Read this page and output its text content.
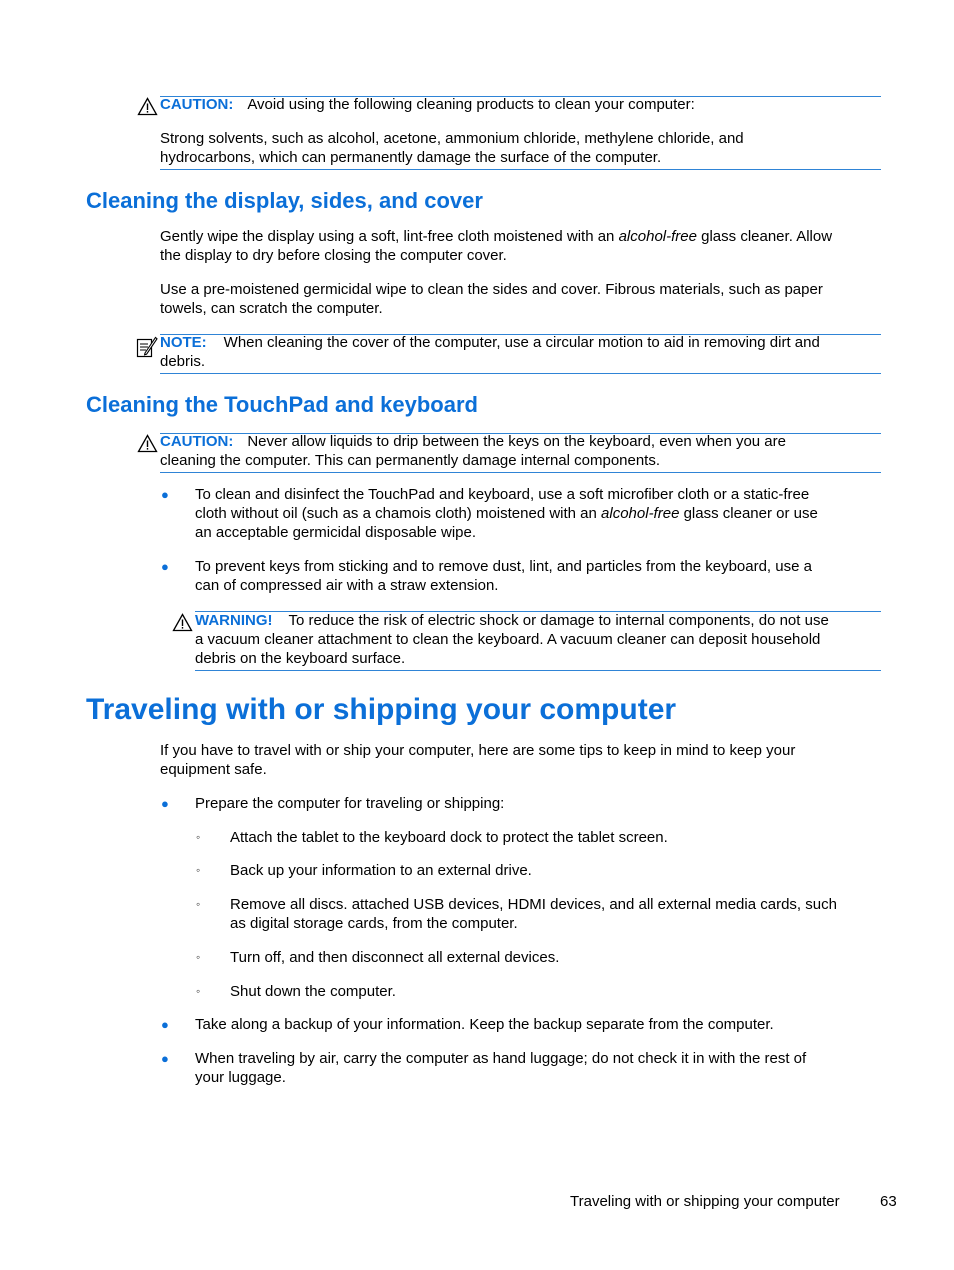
CAUTION: Avoid using the following cleaning products to clean your computer:
Strong solvents, such as alcohol, acetone, ammonium chloride, methylene chloride, and
hydrocarbons, which can permanently damage the surface of the computer.
Cleaning the display, sides, and cover
Gently wipe the display using a soft, lint-free cloth moistened with an alcohol-free glass cleaner. Allow
the display to dry before closing the computer cover.
Use a pre-moistened germicidal wipe to clean the sides and cover. Fibrous materials, such as paper
towels, can scratch the computer.
NOTE: When cleaning the cover of the computer, use a circular motion to aid in removing dirt and
debris.
Cleaning the TouchPad and keyboard
CAUTION: Never allow liquids to drip between the keys on the keyboard, even when you are
cleaning the computer. This can permanently damage internal components.
● To clean and disinfect the TouchPad and keyboard, use a soft microfiber cloth or a static-free
cloth without oil (such as a chamois cloth) moistened with an alcohol-free glass cleaner or use
an acceptable germicidal disposable wipe.
● To prevent keys from sticking and to remove dust, lint, and particles from the keyboard, use a
can of compressed air with a straw extension.
WARNING! To reduce the risk of electric shock or damage to internal components, do not use
a vacuum cleaner attachment to clean the keyboard. A vacuum cleaner can deposit household
debris on the keyboard surface.
Traveling with or shipping your computer
If you have to travel with or ship your computer, here are some tips to keep in mind to keep your
equipment safe.
● Prepare the computer for traveling or shipping:
◦ Attach the tablet to the keyboard dock to protect the tablet screen.
◦ Back up your information to an external drive.
◦ Remove all discs. attached USB devices, HDMI devices, and all external media cards, such
as digital storage cards, from the computer.
◦ Turn off, and then disconnect all external devices.
◦ Shut down the computer.
● Take along a backup of your information. Keep the backup separate from the computer.
● When traveling by air, carry the computer as hand luggage; do not check it in with the rest of
your luggage.
Traveling with or shipping your computer	63
